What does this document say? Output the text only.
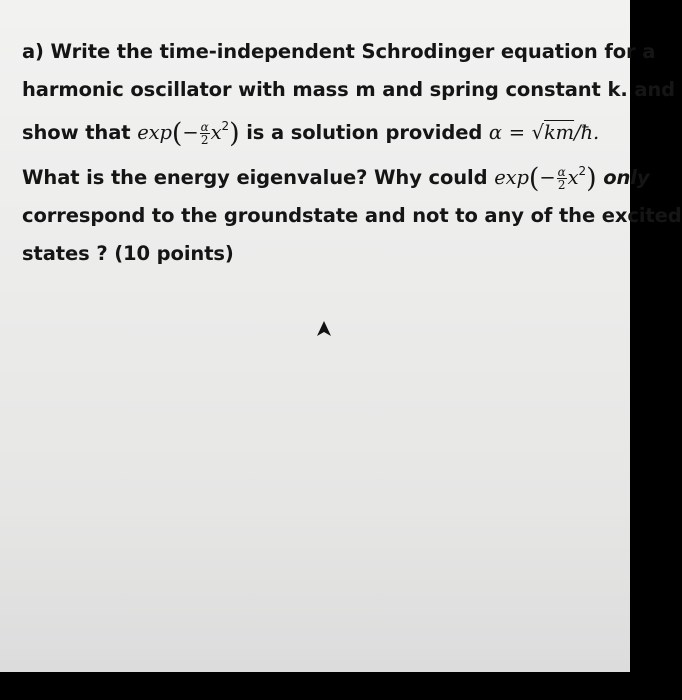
a) Write the time-independent Schrodinger equation for a
harmonic oscillator with mass m and spring constant k. and
show that $\exp(- \frac{\alpha}{2} x^2)$ is a solution provided α = √km/ħ.
What is the energy eigenvalue? Why could $\exp(- \frac{\alpha}{2} x^2)$ only
correspond to the groundstate and not to any of the excited
states ? (10 points)
